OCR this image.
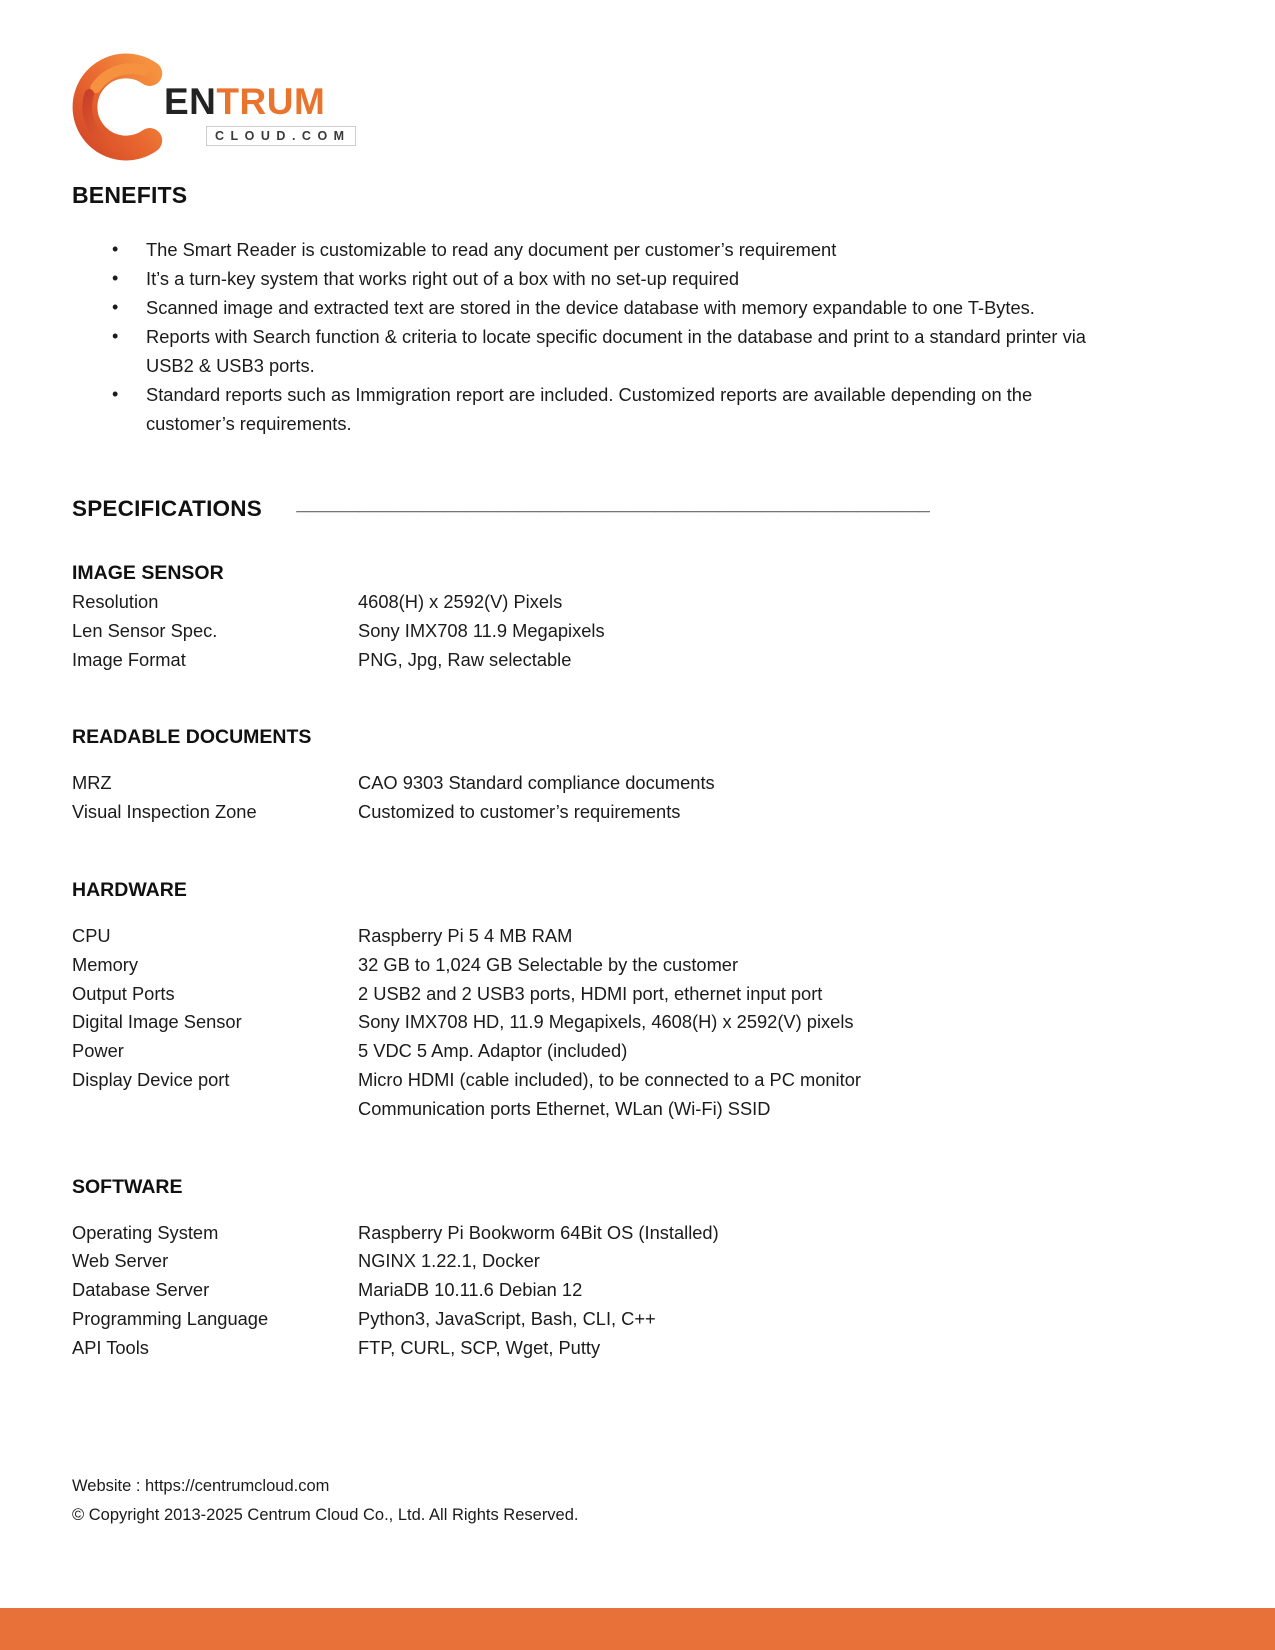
ENTRUM
CLOUD.COM
BENEFITS
• The Smart Reader is customizable to read any document per customer’s requirement
• It’s a turn-key system that works right out of a box with no set-up required
• Scanned image and extracted text are stored in the device database with memory expandable to one T-Bytes.
• Reports with Search function & criteria to locate specific document in the database and print to a standard printer via USB2 & USB3 ports.
• Standard reports such as Immigration report are included. Customized reports are available depending on the customer’s requirements.
SPECIFICATIONS ____________________________________________________________
IMAGE SENSOR
Resolution	4608(H) x 2592(V) Pixels
Len Sensor Spec.	Sony IMX708 11.9 Megapixels
Image Format	PNG, Jpg, Raw selectable
READABLE DOCUMENTS
MRZ	CAO 9303 Standard compliance documents
Visual Inspection Zone	Customized to customer’s requirements
HARDWARE
CPU	Raspberry Pi 5 4 MB RAM
Memory	32 GB to 1,024 GB Selectable by the customer
Output Ports	2 USB2 and 2 USB3 ports, HDMI port, ethernet input port
Digital Image Sensor	Sony IMX708 HD, 11.9 Megapixels, 4608(H) x 2592(V) pixels
Power	5 VDC 5 Amp. Adaptor (included)
Display Device port	Micro HDMI (cable included), to be connected to a PC monitor
Communication ports Ethernet, WLan (Wi-Fi) SSID
SOFTWARE
Operating System	Raspberry Pi Bookworm 64Bit OS (Installed)
Web Server	NGINX 1.22.1, Docker
Database Server	MariaDB 10.11.6 Debian 12
Programming Language	Python3, JavaScript, Bash, CLI, C++
API Tools	FTP, CURL, SCP, Wget, Putty
Website : https://centrumcloud.com
© Copyright 2013-2025 Centrum Cloud Co., Ltd. All Rights Reserved.
